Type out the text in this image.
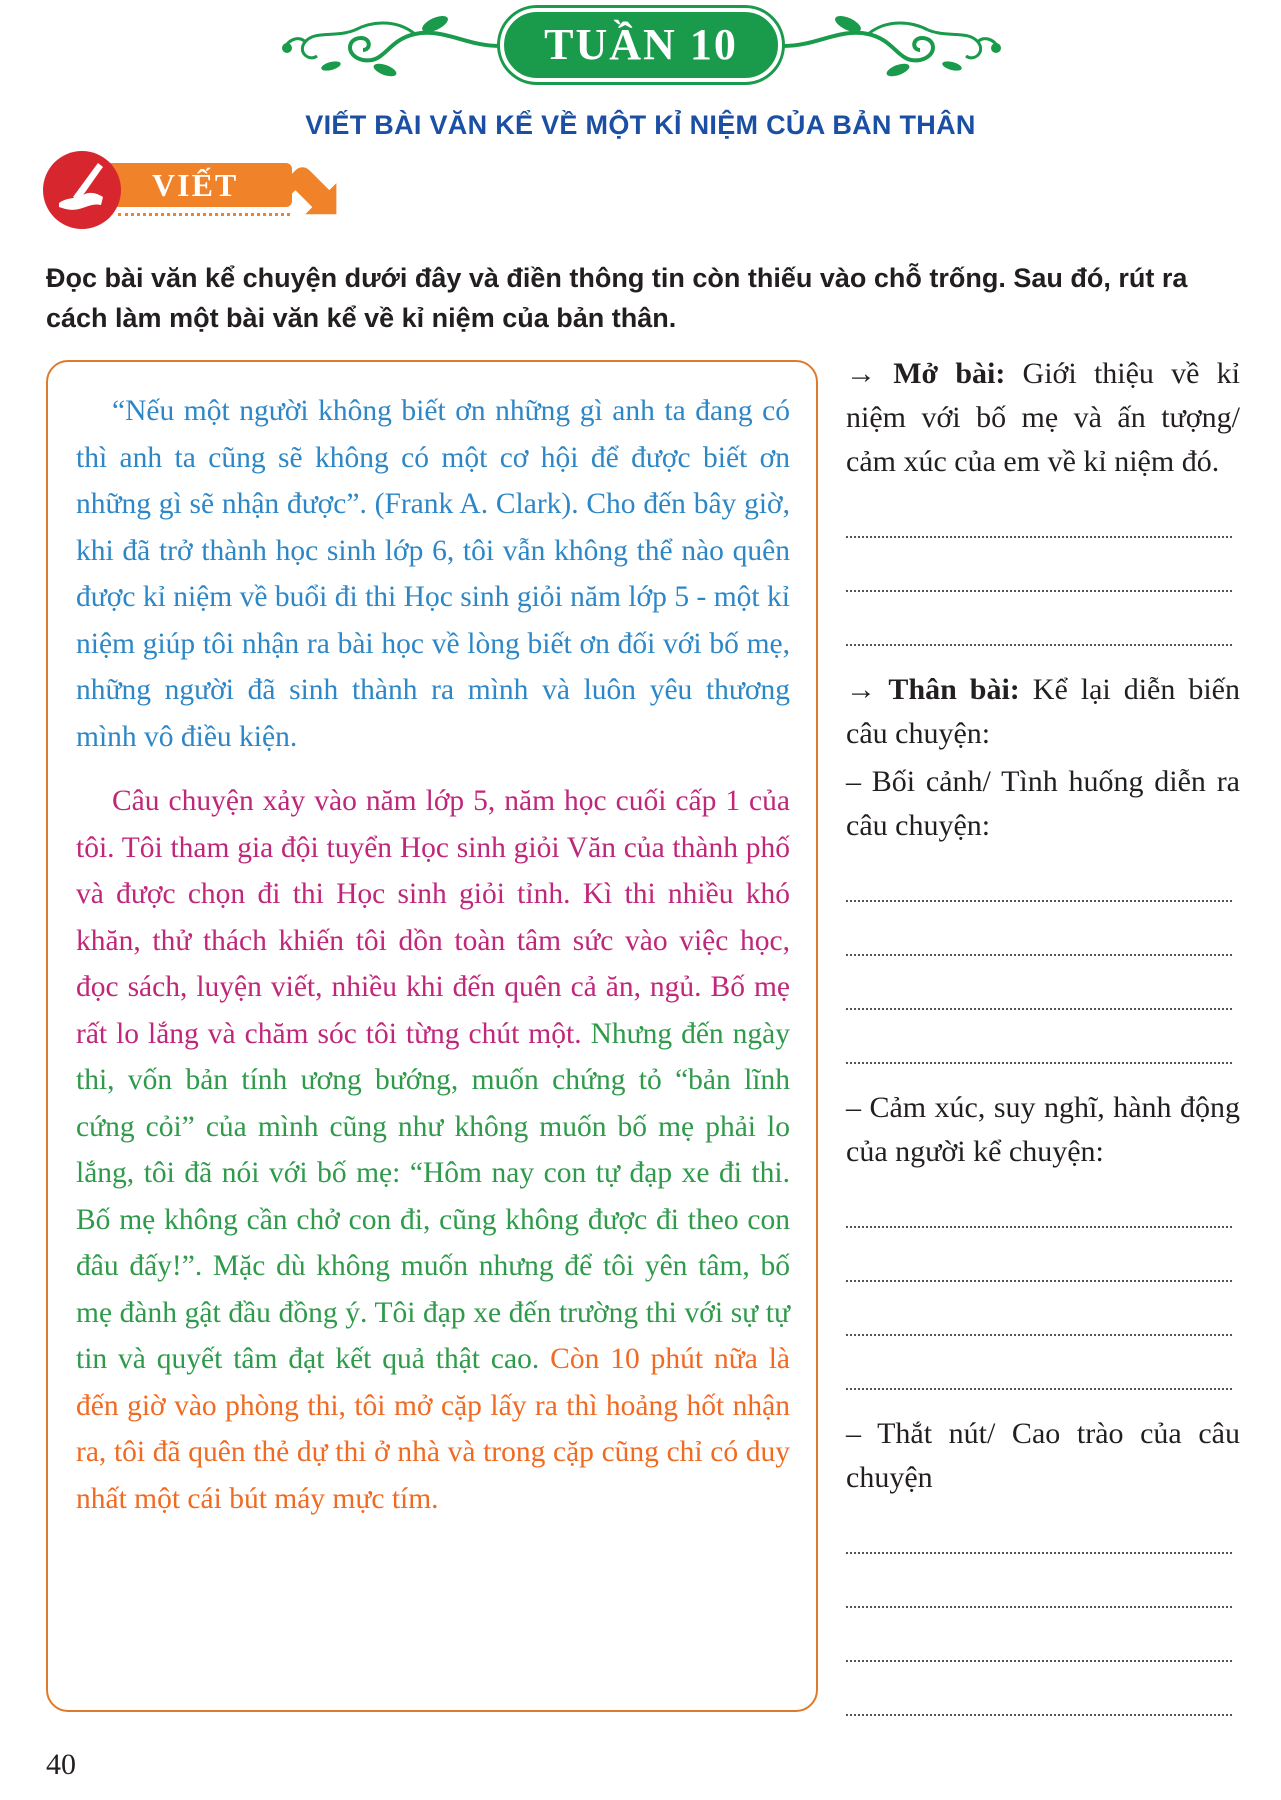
TUẦN 10
VIẾT BÀI VĂN KỂ VỀ MỘT KỈ NIỆM CỦA BẢN THÂN
VIẾT
Đọc bài văn kể chuyện dưới đây và điền thông tin còn thiếu vào chỗ trống. Sau đó, rút ra cách làm một bài văn kể về kỉ niệm của bản thân.

“Nếu một người không biết ơn những gì anh ta đang có thì anh ta cũng sẽ không có một cơ hội để được biết ơn những gì sẽ nhận được”. (Frank A. Clark). Cho đến bây giờ, khi đã trở thành học sinh lớp 6, tôi vẫn không thể nào quên được kỉ niệm về buổi đi thi Học sinh giỏi năm lớp 5 - một kỉ niệm giúp tôi nhận ra bài học về lòng biết ơn đối với bố mẹ, những người đã sinh thành ra mình và luôn yêu thương mình vô điều kiện.

Câu chuyện xảy vào năm lớp 5, năm học cuối cấp 1 của tôi. Tôi tham gia đội tuyển Học sinh giỏi Văn của thành phố và được chọn đi thi Học sinh giỏi tỉnh. Kì thi nhiều khó khăn, thử thách khiến tôi dồn toàn tâm sức vào việc học, đọc sách, luyện viết, nhiều khi đến quên cả ăn, ngủ. Bố mẹ rất lo lắng và chăm sóc tôi từng chút một. Nhưng đến ngày thi, vốn bản tính ương bướng, muốn chứng tỏ “bản lĩnh cứng cỏi” của mình cũng như không muốn bố mẹ phải lo lắng, tôi đã nói với bố mẹ: “Hôm nay con tự đạp xe đi thi. Bố mẹ không cần chở con đi, cũng không được đi theo con đâu đấy!”. Mặc dù không muốn nhưng để tôi yên tâm, bố mẹ đành gật đầu đồng ý. Tôi đạp xe đến trường thi với sự tự tin và quyết tâm đạt kết quả thật cao. Còn 10 phút nữa là đến giờ vào phòng thi, tôi mở cặp lấy ra thì hoảng hốt nhận ra, tôi đã quên thẻ dự thi ở nhà và trong cặp cũng chỉ có duy nhất một cái bút máy mực tím.

→ Mở bài: Giới thiệu về kỉ niệm với bố mẹ và ấn tượng/ cảm xúc của em về kỉ niệm đó.
→ Thân bài: Kể lại diễn biến câu chuyện:
– Bối cảnh/ Tình huống diễn ra câu chuyện:
– Cảm xúc, suy nghĩ, hành động của người kể chuyện:
– Thắt nút/ Cao trào của câu chuyện
40
